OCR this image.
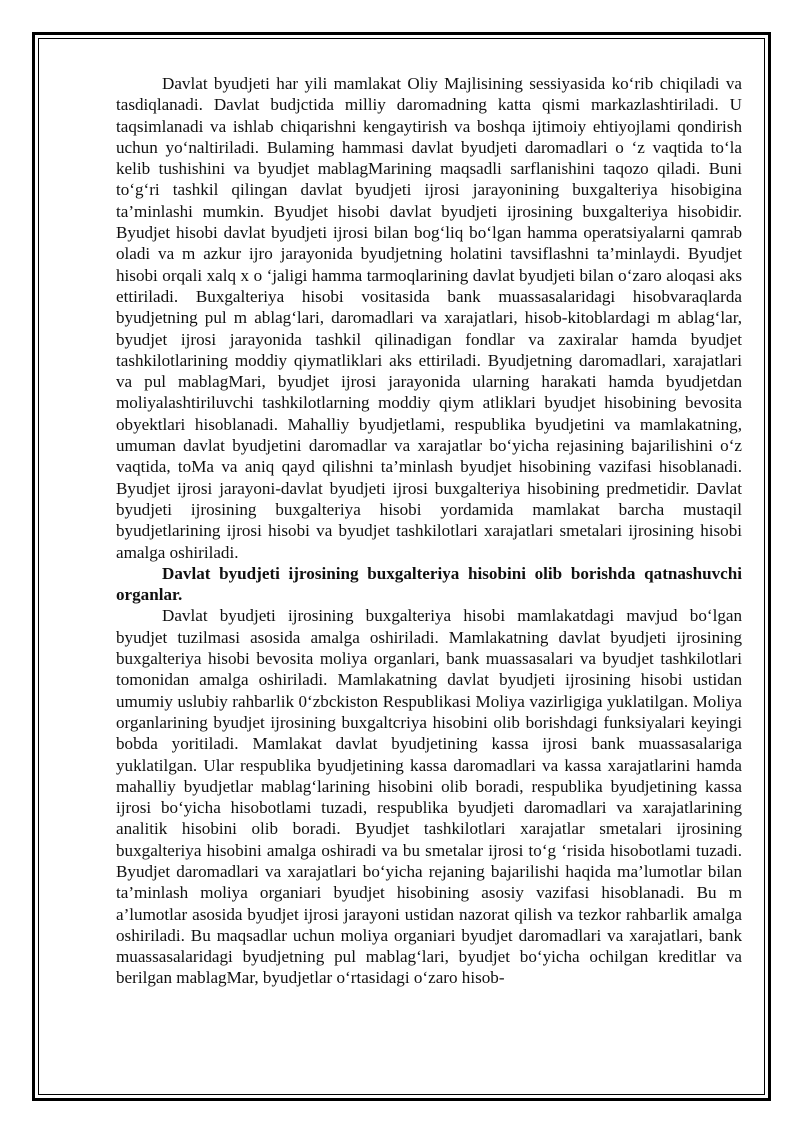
Davlat byudjeti har yili mamlakat Oliy Majlisining sessiyasida ko‘rib chiqiladi va tasdiqlanadi. Davlat budjctida milliy daromadning katta qismi markazlashtiriladi. U taqsimlanadi va ishlab chiqarishni kengaytirish va boshqa ijtimoiy ehtiyojlami qondirish uchun yo‘naltiriladi. Bulaming hammasi davlat byudjeti daromadlari o ‘z vaqtida to‘la kelib tushishini va byudjet mablagMarining maqsadli sarflanishini taqozo qiladi. Buni to‘g‘ri tashkil qilingan davlat byudjeti ijrosi jarayonining buxgalteriya hisobigina ta’minlashi mumkin. Byudjet hisobi davlat byudjeti ijrosining buxgalteriya hisobidir. Byudjet hisobi davlat byudjeti ijrosi bilan bog‘liq bo‘lgan hamma operatsiyalarni qamrab oladi va m azkur ijro jarayonida byudjetning holatini tavsiflashni ta’minlaydi. Byudjet hisobi orqali xalq x o ‘jaligi hamma tarmoqlarining davlat byudjeti bilan o‘zaro aloqasi aks ettiriladi. Buxgalteriya hisobi vositasida bank muassasalaridagi hisobvaraqlarda byudjetning pul m ablag‘lari, daromadlari va xarajatlari, hisob-kitoblardagi m ablag‘lar, byudjet ijrosi jarayonida tashkil qilinadigan fondlar va zaxiralar hamda byudjet tashkilotlarining moddiy qiymatliklari aks ettiriladi. Byudjetning daromadlari, xarajatlari va pul mablagMari, byudjet ijrosi jarayonida ularning harakati hamda byudjetdan moliyalashtiriluvchi tashkilotlarning moddiy qiym atliklari byudjet hisobining bevosita obyektlari hisoblanadi. Mahalliy byudjetlami, respublika byudjetini va mamlakatning, umuman davlat byudjetini daromadlar va xarajatlar bo‘yicha rejasining bajarilishini o‘z vaqtida, toMa va aniq qayd qilishni ta’minlash byudjet hisobining vazifasi hisoblanadi. Byudjet ijrosi jarayoni-davlat byudjeti ijrosi buxgalteriya hisobining predmetidir. Davlat byudjeti ijrosining buxgalteriya hisobi yordamida mamlakat barcha mustaqil byudjetlarining ijrosi hisobi va byudjet tashkilotlari xarajatlari smetalari ijrosining hisobi amalga oshiriladi.

Davlat byudjeti ijrosining buxgalteriya hisobini olib borishda qatnashuvchi organlar.

Davlat byudjeti ijrosining buxgalteriya hisobi mamlakatdagi mavjud bo‘lgan byudjet tuzilmasi asosida amalga oshiriladi. Mamlakatning davlat byudjeti ijrosining buxgalteriya hisobi bevosita moliya organlari, bank muassasalari va byudjet tashkilotlari tomonidan amalga oshiriladi. Mamlakatning davlat byudjeti ijrosining hisobi ustidan umumiy uslubiy rahbarlik 0‘zbckiston Respublikasi Moliya vazirligiga yuklatilgan. Moliya organlarining byudjet ijrosining buxgaltcriya hisobini olib borishdagi funksiyalari keyingi bobda yoritiladi. Mamlakat davlat byudjetining kassa ijrosi bank muassasalariga yuklatilgan. Ular respublika byudjetining kassa daromadlari va kassa xarajatlarini hamda mahalliy byudjetlar mablag‘larining hisobini olib boradi, respublika byudjetining kassa ijrosi bo‘yicha hisobotlami tuzadi, respublika byudjeti daromadlari va xarajatlarining analitik hisobini olib boradi. Byudjet tashkilotlari xarajatlar smetalari ijrosining buxgalteriya hisobini amalga oshiradi va bu smetalar ijrosi to‘g ‘risida hisobotlami tuzadi. Byudjet daromadlari va xarajatlari bo‘yicha rejaning bajarilishi haqida ma’lumotlar bilan ta’minlash moliya organiari byudjet hisobining asosiy vazifasi hisoblanadi. Bu m a’lumotlar asosida byudjet ijrosi jarayoni ustidan nazorat qilish va tezkor rahbarlik amalga oshiriladi. Bu maqsadlar uchun moliya organiari byudjet daromadlari va xarajatlari, bank muassasalaridagi byudjetning pul mablag‘lari, byudjet bo‘yicha ochilgan kreditlar va berilgan mablagMar, byudjetlar o‘rtasidagi o‘zaro hisob-
